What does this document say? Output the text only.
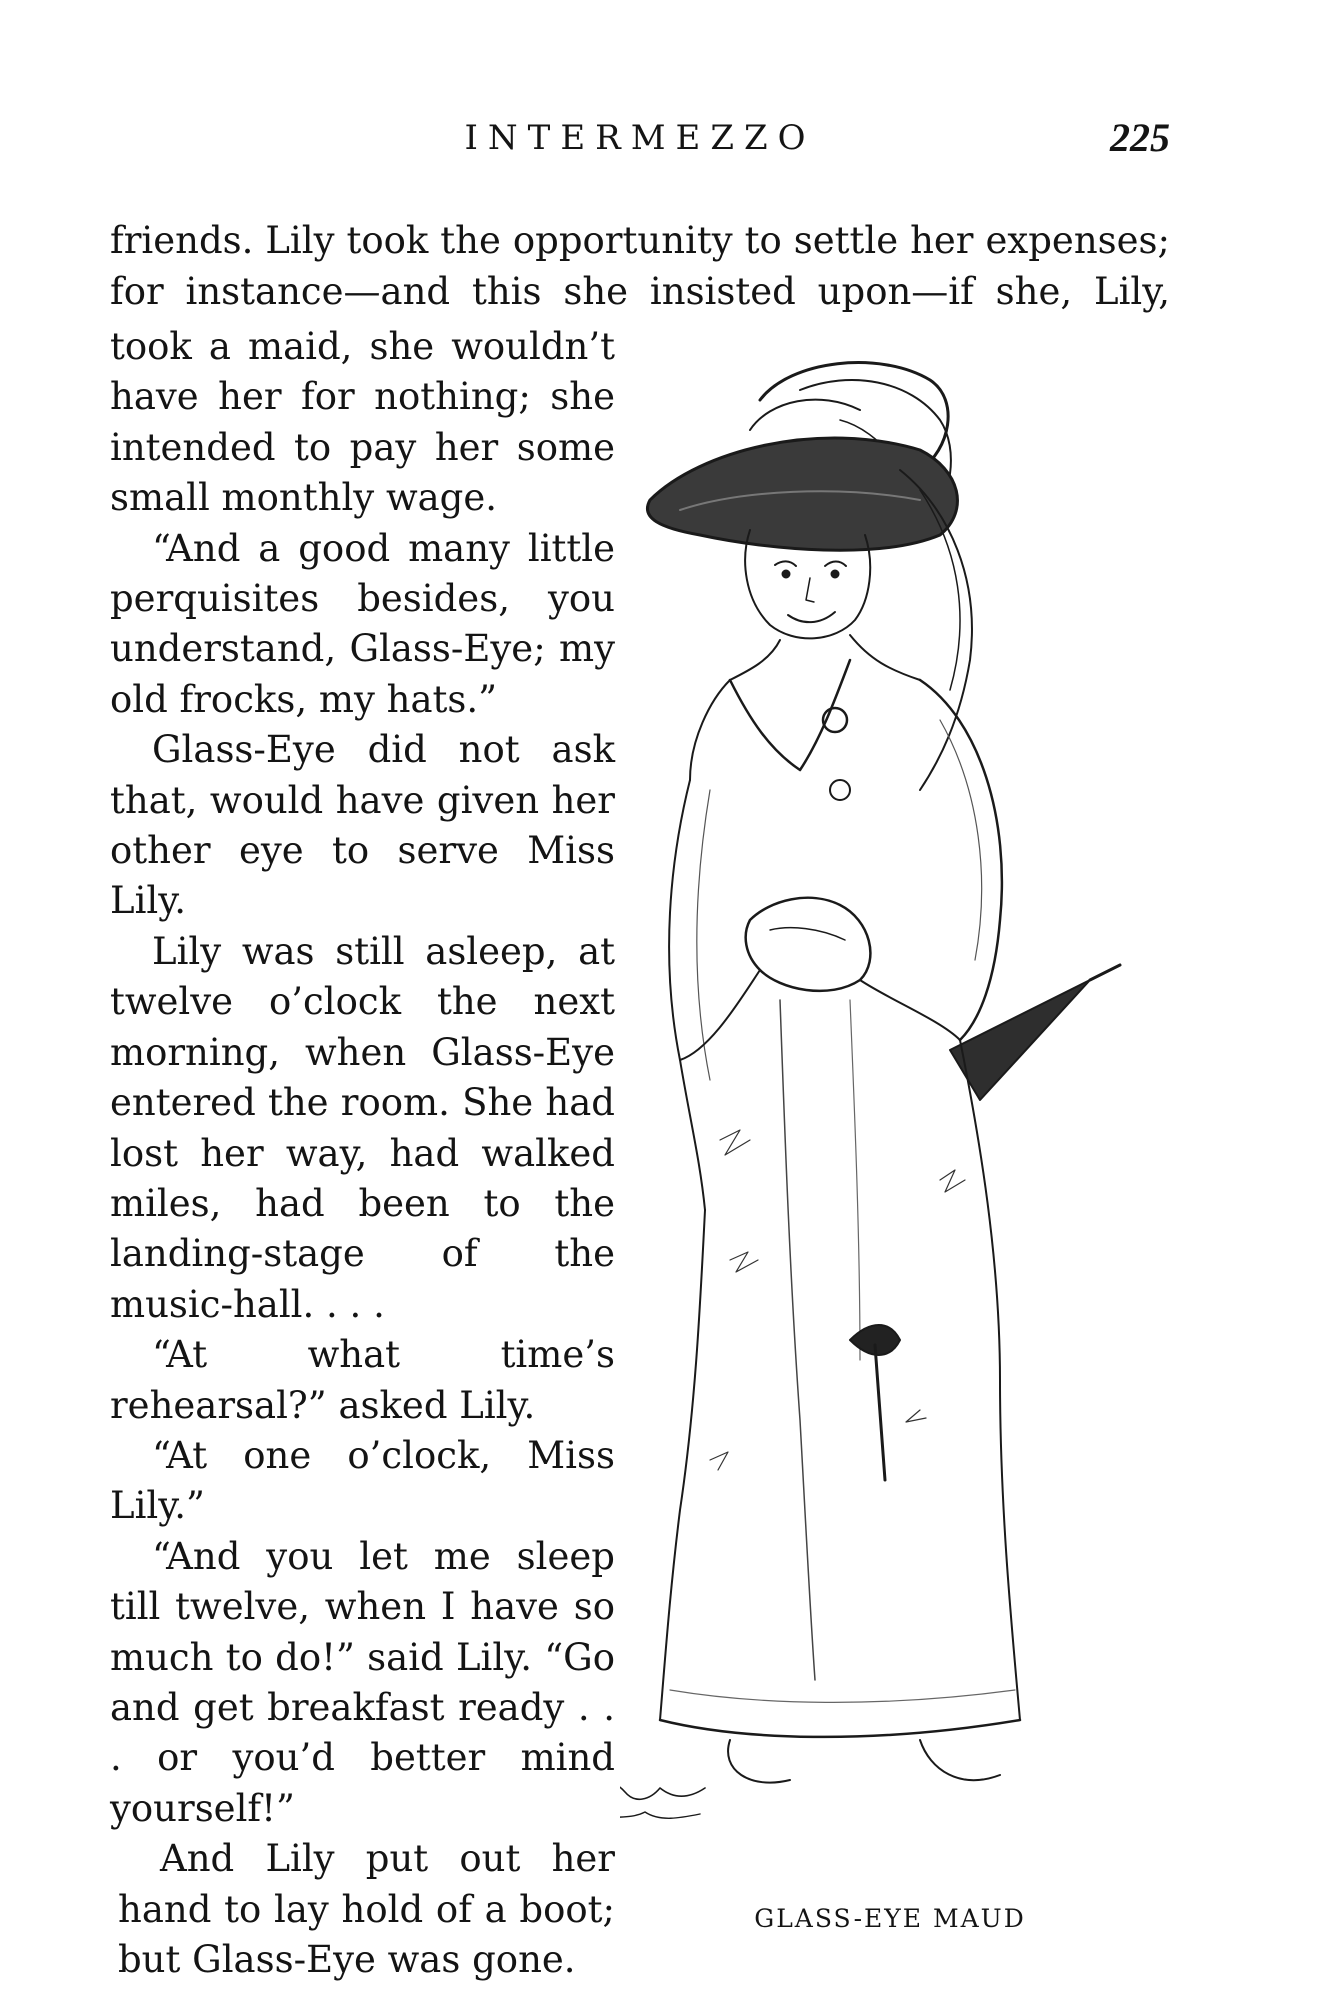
INTERMEZZO	225

friends. Lily took the opportunity to settle her expenses; for instance—and this she insisted upon—if she, Lily,

took a maid, she wouldn’t have her for nothing; she intended to pay her some small monthly wage.

“And a good many little perquisites besides, you understand, Glass-Eye; my old frocks, my hats.”

Glass-Eye did not ask that, would have given her other eye to serve Miss Lily.

Lily was still asleep, at twelve o’clock the next morning, when Glass-Eye entered the room. She had lost her way, had walked miles, had been to the landing-stage of the music-hall. . . .

“At what time’s rehearsal?” asked Lily.

“At one o’clock, Miss Lily.”

“And you let me sleep till twelve, when I have so much to do!” said Lily. “Go and get breakfast ready . . . or you’d better mind yourself!”

And Lily put out her hand to lay hold of a boot; but Glass-Eye was gone.

GLASS-EYE MAUD
